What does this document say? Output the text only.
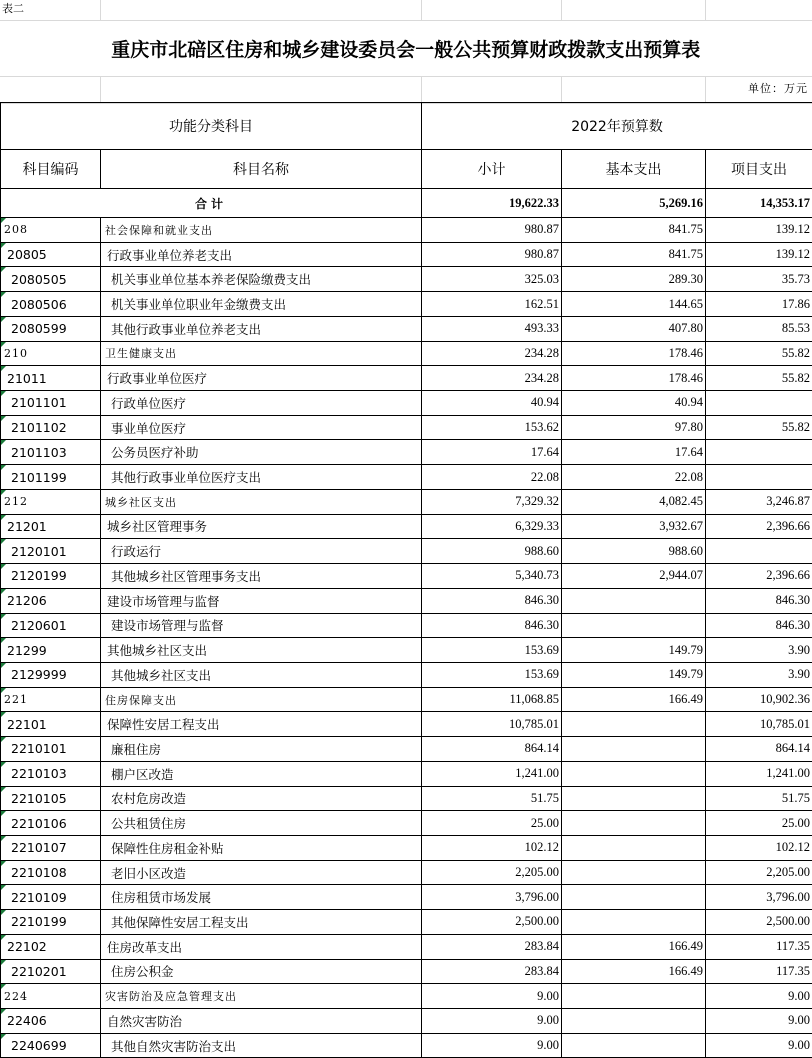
表二				
重庆市北碚区住房和城乡建设委员会一般公共预算财政拨款支出预算表				

单位：万元
功能分类科目		2022年预算数		
科目编码	科目名称	小计	基本支出	项目支出
合计		19,622.33	5,269.16	14,353.17
208	社会保障和就业支出	980.87	841.75	139.12
20805	行政事业单位养老支出	980.87	841.75	139.12
2080505	机关事业单位基本养老保险缴费支出	325.03	289.30	35.73
2080506	机关事业单位职业年金缴费支出	162.51	144.65	17.86
2080599	其他行政事业单位养老支出	493.33	407.80	85.53
210	卫生健康支出	234.28	178.46	55.82
21011	行政事业单位医疗	234.28	178.46	55.82
2101101	行政单位医疗	40.94	40.94	
2101102	事业单位医疗	153.62	97.80	55.82
2101103	公务员医疗补助	17.64	17.64	
2101199	其他行政事业单位医疗支出	22.08	22.08	
212	城乡社区支出	7,329.32	4,082.45	3,246.87
21201	城乡社区管理事务	6,329.33	3,932.67	2,396.66
2120101	行政运行	988.60	988.60	
2120199	其他城乡社区管理事务支出	5,340.73	2,944.07	2,396.66
21206	建设市场管理与监督	846.30		846.30
2120601	建设市场管理与监督	846.30		846.30
21299	其他城乡社区支出	153.69	149.79	3.90
2129999	其他城乡社区支出	153.69	149.79	3.90
221	住房保障支出	11,068.85	166.49	10,902.36
22101	保障性安居工程支出	10,785.01		10,785.01
2210101	廉租住房	864.14		864.14
2210103	棚户区改造	1,241.00		1,241.00
2210105	农村危房改造	51.75		51.75
2210106	公共租赁住房	25.00		25.00
2210107	保障性住房租金补贴	102.12		102.12
2210108	老旧小区改造	2,205.00		2,205.00
2210109	住房租赁市场发展	3,796.00		3,796.00
2210199	其他保障性安居工程支出	2,500.00		2,500.00
22102	住房改革支出	283.84	166.49	117.35
2210201	住房公积金	283.84	166.49	117.35
224	灾害防治及应急管理支出	9.00		9.00
22406	自然灾害防治	9.00		9.00
2240699	其他自然灾害防治支出	9.00		9.00
